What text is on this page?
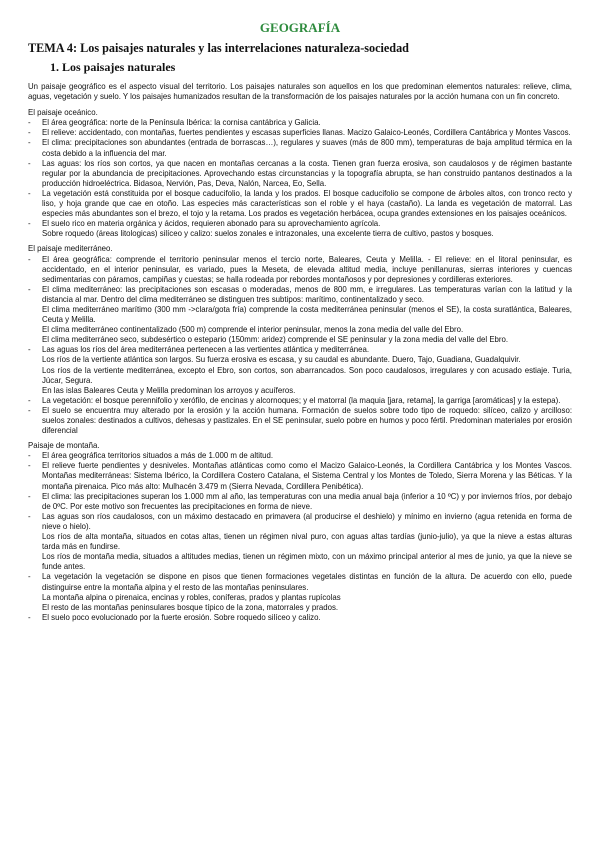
GEOGRAFÍA
TEMA 4: Los paisajes naturales y las interrelaciones naturaleza-sociedad
1. Los paisajes naturales

Un paisaje geográfico es el aspecto visual del territorio. Los paisajes naturales son aquellos en los que predominan elementos naturales: relieve, clima, aguas, vegetación y suelo. Y los paisajes humanizados resultan de la transformación de los paisajes naturales por la acción humana con un fin concreto.

El paisaje oceánico.

- El área geográfica: norte de la Península Ibérica: la cornisa cantábrica y Galicia.
- El relieve: accidentado, con montañas, fuertes pendientes y escasas superficies llanas. Macizo Galaico-Leonés, Cordillera Cantábrica y Montes Vascos.
- El clima: precipitaciones son abundantes (entrada de borrascas…), regulares y suaves (más de 800 mm), temperaturas de baja amplitud térmica en la costa debido a la influencia del mar.
- Las aguas: los ríos son cortos, ya que nacen en montañas cercanas a la costa. Tienen gran fuerza erosiva, son caudalosos y de régimen bastante regular por la abundancia de precipitaciones. Aprovechando estas circunstancias y la topografía abrupta, se han construido pantanos destinados a la producción hidroeléctrica. Bidasoa, Nervión, Pas, Deva, Nalón, Narcea, Eo, Sella.
- La vegetación está constituida por el bosque caducifolio, la landa y los prados. El bosque caducifolio se compone de árboles altos, con tronco recto y liso, y hoja grande que cae en otoño. Las especies más características son el roble y el haya (castaño). La landa es vegetación de matorral. Las especies más abundantes son el brezo, el tojo y la retama. Los prados es vegetación herbácea, ocupa grandes extensiones en los paisajes oceánicos.
- El suelo rico en materia orgánica y ácidos, requieren abonado para su aprovechamiento agrícola.

Sobre roquedo (áreas litologicas) silíceo y calizo: suelos zonales e intrazonales, una excelente tierra de cultivo, pastos y bosques.

El paisaje mediterráneo.

- El área geográfica: comprende el territorio peninsular menos el tercio norte, Baleares, Ceuta y Melilla. - El relieve: en el litoral peninsular, es accidentado, en el interior peninsular, es variado, pues la Meseta, de elevada altitud media, incluye penillanuras, sierras interiores y cuencas sedimentarias con páramos, campiñas y cuestas; se halla rodeada por rebordes montañosos y por depresiones y cordilleras exteriores.
- El clima mediterráneo: las precipitaciones son escasas o moderadas, menos de 800 mm, e irregulares. Las temperaturas varían con la latitud y la distancia al mar. Dentro del clima mediterráneo se distinguen tres subtipos: marítimo, continentalizado y seco.

El clima mediterráneo marítimo (300 mm ->clara/gota fría) comprende la costa mediterránea peninsular (menos el SE), la costa suratlántica, Baleares, Ceuta y Melilla.

El clima mediterráneo continentalizado (500 m) comprende el interior peninsular, menos la zona media del valle del Ebro.

El clima mediterráneo seco, subdesértico o estepario (150mm: aridez) comprende el SE peninsular y la zona media del valle del Ebro.

- Las aguas los ríos del área mediterránea pertenecen a las vertientes atlántica y mediterránea.

Los ríos de la vertiente atlántica son largos. Su fuerza erosiva es escasa, y su caudal es abundante. Duero, Tajo, Guadiana, Guadalquivir.

Los ríos de la vertiente mediterránea, excepto el Ebro, son cortos, son abarrancados. Son poco caudalosos, irregulares y con acusado estiaje. Turia, Júcar, Segura.

En las islas Baleares Ceuta y Melilla predominan los arroyos y acuíferos.

- La vegetación: el bosque perennifolio y xerófilo, de encinas y alcornoques; y el matorral (la maquia [jara, retama], la garriga [aromáticas] y la estepa).
- El suelo se encuentra muy alterado por la erosión y la acción humana. Formación de suelos sobre todo tipo de roquedo: silíceo, calizo y arcilloso: suelos zonales: destinados a cultivos, dehesas y pastizales. En el SE peninsular, suelo pobre en humos y poco fértil. Predominan materiales por erosión diferencial

Paisaje de montaña.

- El área geográfica territorios situados a más de 1.000 m de altitud.
- El relieve fuerte pendientes y desniveles. Montañas atlánticas como como el Macizo Galaico-Leonés, la Cordillera Cantábrica y los Montes Vascos. Montañas mediterráneas: Sistema Ibérico, la Cordillera Costero Catalana, el Sistema Central y los Montes de Toledo, Sierra Morena y las Béticas. Y la montaña pirenaica. Pico más alto: Mulhacén 3.479 m (Sierra Nevada, Cordillera Penibética).
- El clima: las precipitaciones superan los 1.000 mm al año, las temperaturas con una media anual baja (inferior a 10 ºC) y por inviernos fríos, por debajo de 0ºC. Por este motivo son frecuentes las precipitaciones en forma de nieve.
- Las aguas son ríos caudalosos, con un máximo destacado en primavera (al producirse el deshielo) y mínimo en invierno (agua retenida en forma de nieve o hielo).

Los ríos de alta montaña, situados en cotas altas, tienen un régimen nival puro, con aguas altas tardías (junio-julio), ya que la nieve a estas alturas tarda más en fundirse.

Los ríos de montaña media, situados a altitudes medias, tienen un régimen mixto, con un máximo principal anterior al mes de junio, ya que la nieve se funde antes.

- La vegetación la vegetación se dispone en pisos que tienen formaciones vegetales distintas en función de la altura. De acuerdo con ello, puede distinguirse entre la montaña alpina y el resto de las montañas peninsulares.

La montaña alpina o pirenaica, encinas y robles, coníferas, prados y plantas rupícolas

El resto de las montañas peninsulares bosque típico de la zona, matorrales y prados.

- El suelo poco evolucionado por la fuerte erosión. Sobre roquedo silíceo y calizo.
